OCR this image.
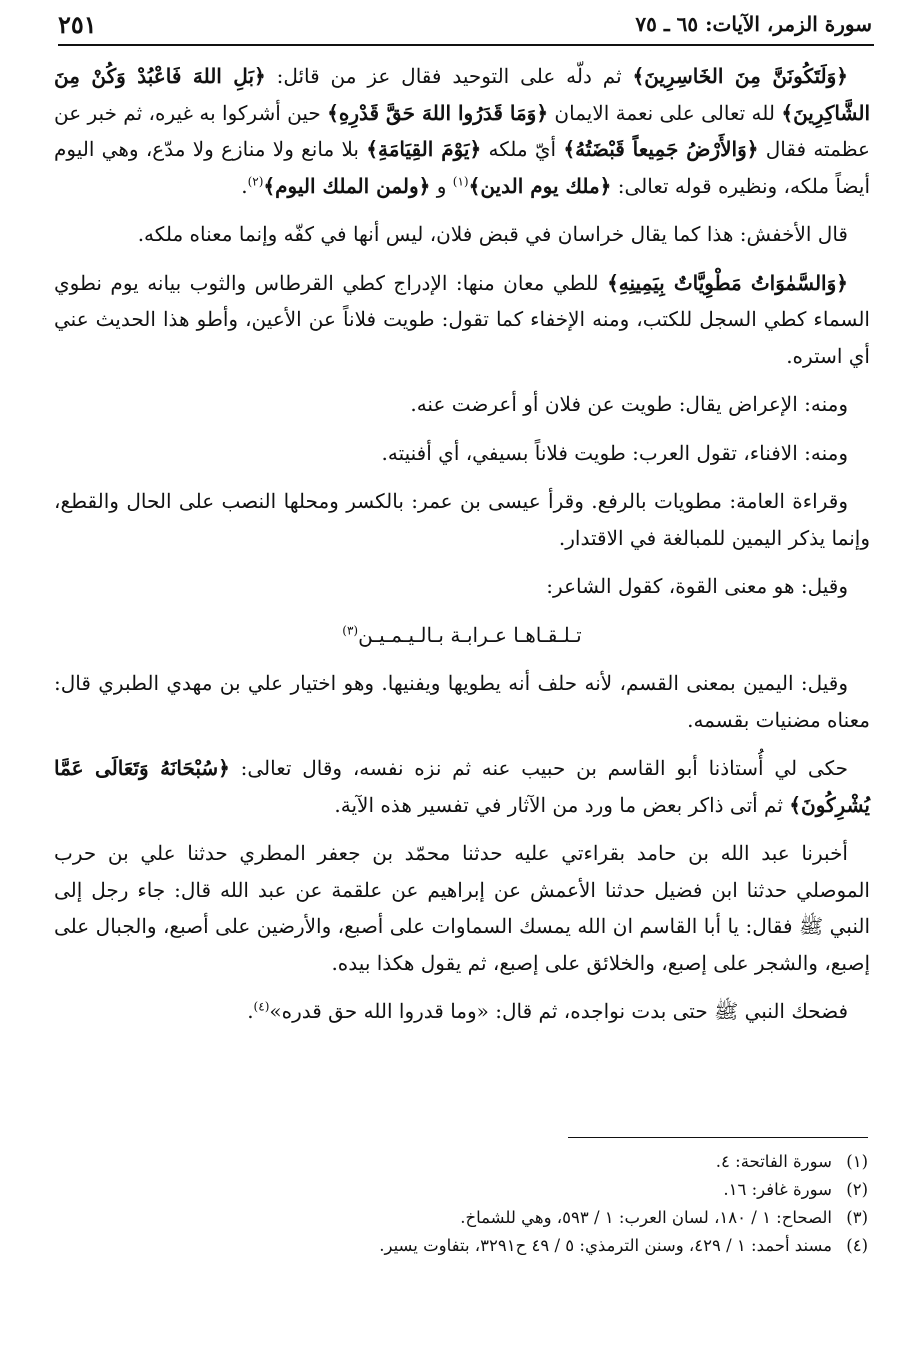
سورة الزمر، الآيات: ٦٥ ـ ٧٥
٢٥١

﴿وَلَتَكُونَنَّ مِنَ الخَاسِرِينَ﴾ ثم دلّه على التوحيد فقال عز من قائل: ﴿بَلِ اللهَ فَاعْبُدْ وَكُنْ مِنَ الشَّاكِرِينَ﴾ لله تعالى على نعمة الايمان ﴿وَمَا قَدَرُوا اللهَ حَقَّ قَدْرِهِ﴾ حين أشركوا به غيره، ثم خبر عن عظمته فقال ﴿وَالأَرْضُ جَمِيعاً قَبْضَتُهُ﴾ أيّ ملكه ﴿يَوْمَ القِيَامَةِ﴾ بلا مانع ولا منازع ولا مدّع، وهي اليوم أيضاً ملكه، ونظيره قوله تعالى: ﴿ملك يوم الدين﴾$^{(١)}$ و ﴿ولمن الملك اليوم﴾$^{(٢)}$.

قال الأخفش: هذا كما يقال خراسان في قبض فلان، ليس أنها في كفّه وإنما معناه ملكه.

﴿وَالسَّمٰوَاتُ مَطْوِيَّاتٌ بِيَمِينِهِ﴾ للطي معان منها: الإدراج كطي القرطاس والثوب بيانه يوم نطوي السماء كطي السجل للكتب، ومنه الإخفاء كما تقول: طويت فلاناً عن الأعين، وأطو هذا الحديث عني أي استره.

ومنه: الإعراض يقال: طويت عن فلان أو أعرضت عنه.

ومنه: الافناء، تقول العرب: طويت فلاناً بسيفي، أي أفنيته.

وقراءة العامة: مطويات بالرفع. وقرأ عيسى بن عمر: بالكسر ومحلها النصب على الحال والقطع، وإنما يذكر اليمين للمبالغة في الاقتدار.

وقيل: هو معنى القوة، كقول الشاعر:

تـلـقـاهـا عـرابـة بـالـيـمـيـن$^{(٣)}$

وقيل: اليمين بمعنى القسم، لأنه حلف أنه يطويها ويفنيها. وهو اختيار علي بن مهدي الطبري قال: معناه مضنيات بقسمه.

حكى لي أُستاذنا أبو القاسم بن حبيب عنه ثم نزه نفسه، وقال تعالى: ﴿سُبْحَانَهُ وَتَعَالَى عَمَّا يُشْرِكُونَ﴾ ثم أتى ذاكر بعض ما ورد من الآثار في تفسير هذه الآية.

أخبرنا عبد الله بن حامد بقراءتي عليه حدثنا محمّد بن جعفر المطري حدثنا علي بن حرب الموصلي حدثنا ابن فضيل حدثنا الأعمش عن إبراهيم عن علقمة عن عبد الله قال: جاء رجل إلى النبي ﷺ فقال: يا أبا القاسم ان الله يمسك السماوات على أصبع، والأرضين على أصبع، والجبال على إصبع، والشجر على إصبع، والخلائق على إصبع، ثم يقول هكذا بيده.

فضحك النبي ﷺ حتى بدت نواجده، ثم قال: «وما قدروا الله حق قدره»$^{(٤)}$.

(١)
سورة الفاتحة: ٤.
(٢)
سورة غافر: ١٦.
(٣)
الصحاح: ١ / ١٨٠، لسان العرب: ١ / ٥٩٣، وهي للشماخ.
(٤)
مسند أحمد: ١ / ٤٢٩، وسنن الترمذي: ٥ / ٤٩ ح٣٢٩١، بتفاوت يسير.
